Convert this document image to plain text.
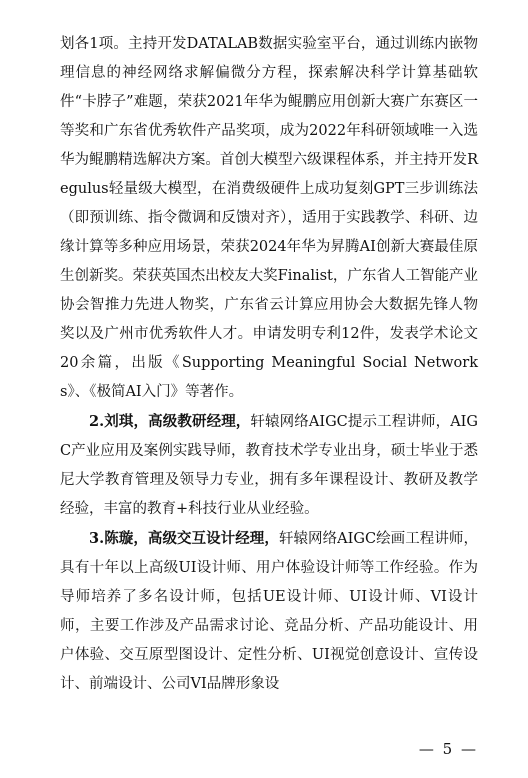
划各1项。主持开发DATALAB数据实验室平台，通过训练内嵌物理信息的神经网络求解偏微分方程，探索解决科学计算基础软件“卡脖子”难题，荣获2021年华为鲲鹏应用创新大赛广东赛区一等奖和广东省优秀软件产品奖项，成为2022年科研领域唯一入选华为鲲鹏精选解决方案。首创大模型六级课程体系，并主持开发Regulus轻量级大模型，在消费级硬件上成功复刻GPT三步训练法（即预训练、指令微调和反馈对齐），适用于实践教学、科研、边缘计算等多种应用场景，荣获2024年华为昇腾AI创新大赛最佳原生创新奖。荣获英国杰出校友大奖Finalist，广东省人工智能产业协会智推力先进人物奖，广东省云计算应用协会大数据先锋人物奖以及广州市优秀软件人才。申请发明专利12件，发表学术论文20余篇，出版《Supporting Meaningful Social Networks》、《极简AI入门》等著作。

2.刘琪，高级教研经理，轩辕网络AIGC提示工程讲师，AIGC产业应用及案例实践导师，教育技术学专业出身，硕士毕业于悉尼大学教育管理及领导力专业，拥有多年课程设计、教研及教学经验，丰富的教育+科技行业从业经验。

3.陈璇，高级交互设计经理，轩辕网络AIGC绘画工程讲师，具有十年以上高级UI设计师、用户体验设计师等工作经验。作为导师培养了多名设计师，包括UE设计师、UI设计师、VI设计师，主要工作涉及产品需求讨论、竞品分析、产品功能设计、用户体验、交互原型图设计、定性分析、UI视觉创意设计、宣传设计、前端设计、公司VI品牌形象设

— 5 —
